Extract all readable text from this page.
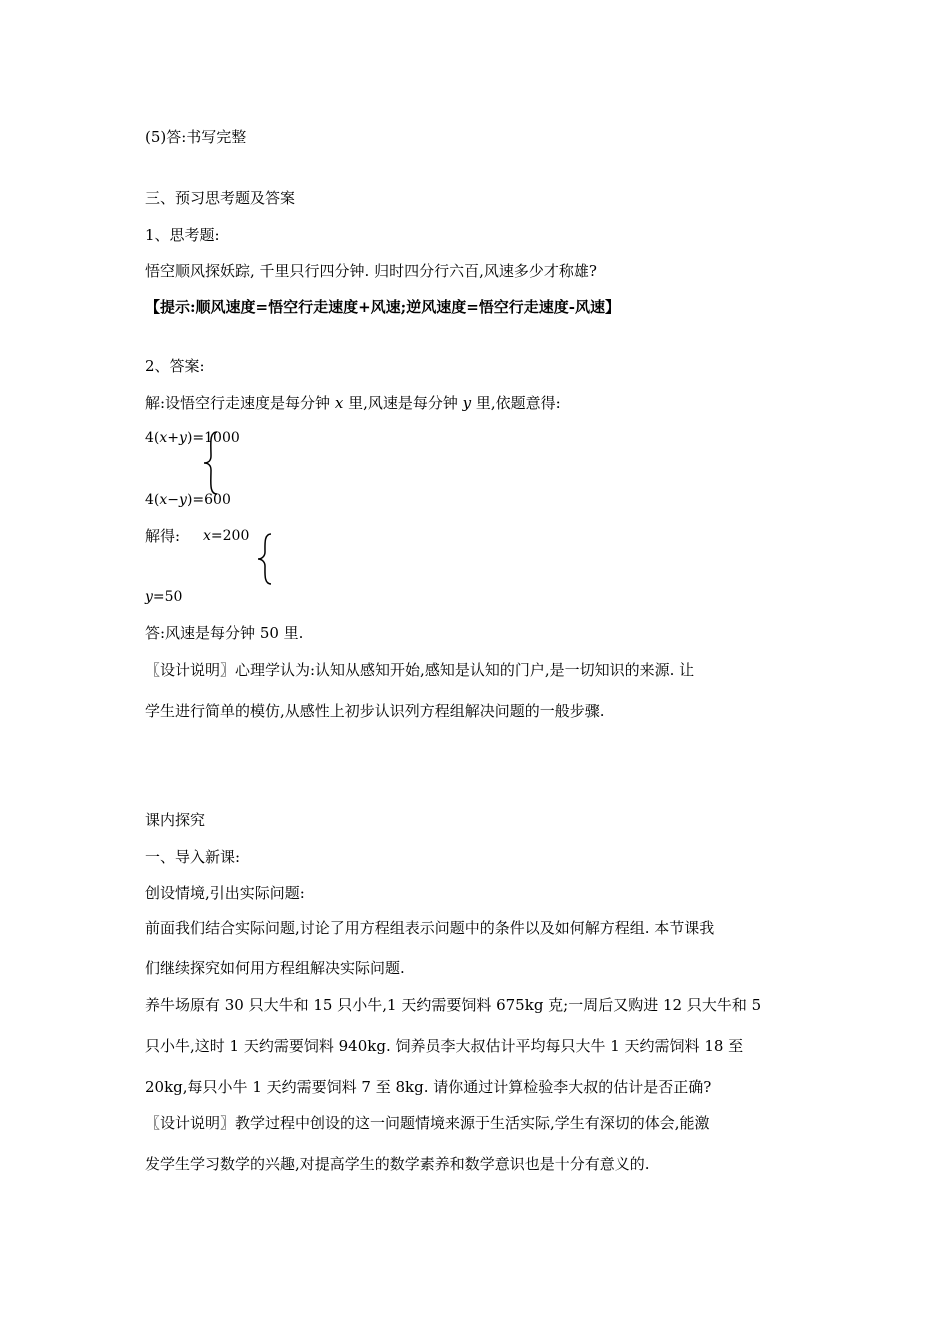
(5)答:书写完整
三、预习思考题及答案
1、思考题:
悟空顺风探妖踪, 千里只行四分钟. 归时四分行六百,风速多少才称雄?
【提示:顺风速度=悟空行走速度+风速;逆风速度=悟空行走速度-风速】
2、答案:
解:设悟空行走速度是每分钟 x 里,风速是每分钟 y 里,依题意得:
4(x+y)=1000
4(x−y)=600
解得: x=200
y=50
答:风速是每分钟 50 里.
〖设计说明〗心理学认为:认知从感知开始,感知是认知的门户,是一切知识的来源. 让
学生进行简单的模仿,从感性上初步认识列方程组解决问题的一般步骤.
课内探究
一、导入新课:
创设情境,引出实际问题:
前面我们结合实际问题,讨论了用方程组表示问题中的条件以及如何解方程组. 本节课我
们继续探究如何用方程组解决实际问题.
养牛场原有 30 只大牛和 15 只小牛,1 天约需要饲料 675kg 克;一周后又购进 12 只大牛和 5
只小牛,这时 1 天约需要饲料 940kg. 饲养员李大叔估计平均每只大牛 1 天约需饲料 18 至
20kg,每只小牛 1 天约需要饲料 7 至 8kg. 请你通过计算检验李大叔的估计是否正确?
〖设计说明〗教学过程中创设的这一问题情境来源于生活实际,学生有深切的体会,能激
发学生学习数学的兴趣,对提高学生的数学素养和数学意识也是十分有意义的.
